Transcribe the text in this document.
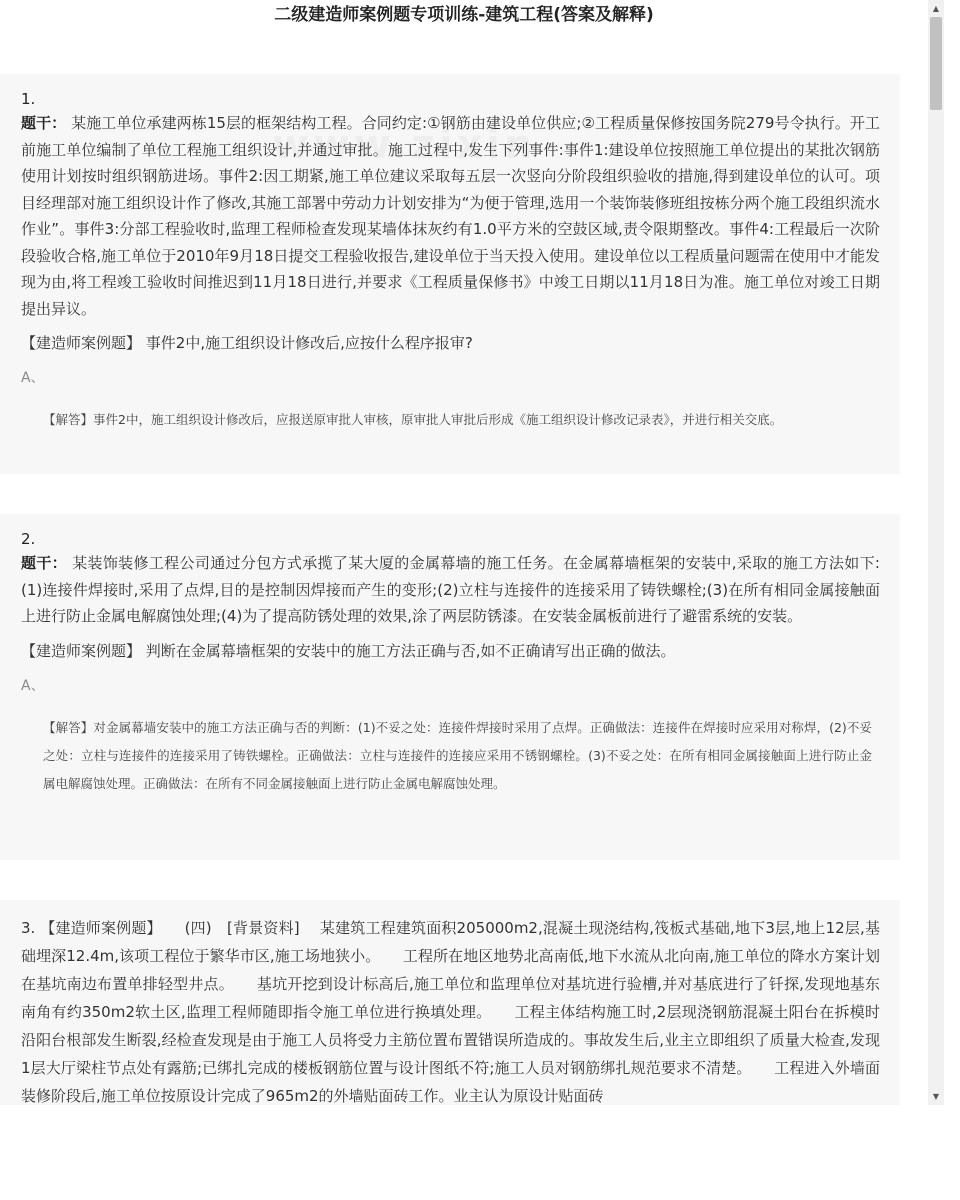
二级建造师案例题专项训练-建筑工程(答案及解释)
1.

题干： 某施工单位承建两栋15层的框架结构工程。合同约定:①钢筋由建设单位供应;②工程质量保修按国务院279号令执行。开工前施工单位编制了单位工程施工组织设计,并通过审批。施工过程中,发生下列事件:事件1:建设单位按照施工单位提出的某批次钢筋使用计划按时组织钢筋进场。事件2:因工期紧,施工单位建议采取每五层一次竖向分阶段组织验收的措施,得到建设单位的认可。项目经理部对施工组织设计作了修改,其施工部署中劳动力计划安排为“为便于管理,选用一个装饰装修班组按栋分两个施工段组织流水作业”。事件3:分部工程验收时,监理工程师检查发现某墙体抹灰约有1.0平方米的空鼓区域,责令限期整改。事件4:工程最后一次阶段验收合格,施工单位于2010年9月18日提交工程验收报告,建设单位于当天投入使用。建设单位以工程质量问题需在使用中才能发现为由,将工程竣工验收时间推迟到11月18日进行,并要求《工程质量保修书》中竣工日期以11月18日为准。施工单位对竣工日期提出异议。

【建造师案例题】 事件2中,施工组织设计修改后,应按什么程序报审?

A、

【解答】事件2中，施工组织设计修改后，应报送原审批人审核，原审批人审批后形成《施工组织设计修改记录表》，并进行相关交底。

2.

题干： 某装饰装修工程公司通过分包方式承揽了某大厦的金属幕墙的施工任务。在金属幕墙框架的安装中,采取的施工方法如下:(1)连接件焊接时,采用了点焊,目的是控制因焊接而产生的变形;(2)立柱与连接件的连接采用了铸铁螺栓;(3)在所有相同金属接触面上进行防止金属电解腐蚀处理;(4)为了提高防锈处理的效果,涂了两层防锈漆。在安装金属板前进行了避雷系统的安装。

【建造师案例题】 判断在金属幕墙框架的安装中的施工方法正确与否,如不正确请写出正确的做法。

A、

【解答】对金属幕墙安装中的施工方法正确与否的判断：(1)不妥之处：连接件焊接时采用了点焊。正确做法：连接件在焊接时应采用对称焊，(2)不妥之处：立柱与连接件的连接采用了铸铁螺栓。正确做法：立柱与连接件的连接应采用不锈钢螺栓。(3)不妥之处：在所有相同金属接触面上进行防止金属电解腐蚀处理。正确做法：在所有不同金属接触面上进行防止金属电解腐蚀处理。

3. 【建造师案例题】　　(四)　[背景资料]　 某建筑工程建筑面积205000m2,混凝土现浇结构,筏板式基础,地下3层,地上12层,基础埋深12.4m,该项工程位于繁华市区,施工场地狭小。　　工程所在地区地势北高南低,地下水流从北向南,施工单位的降水方案计划在基坑南边布置单排轻型井点。　　基坑开挖到设计标高后,施工单位和监理单位对基坑进行验槽,并对基底进行了钎探,发现地基东南角有约350m2软土区,监理工程师随即指令施工单位进行换填处理。　　工程主体结构施工时,2层现浇钢筋混凝土阳台在拆模时沿阳台根部发生断裂,经检查发现是由于施工人员将受力主筋位置布置错误所造成的。事故发生后,业主立即组织了质量大检查,发现1层大厅梁柱节点处有露筋;已绑扎完成的楼板钢筋位置与设计图纸不符;施工人员对钢筋绑扎规范要求不清楚。　　工程进入外墙面装修阶段后,施工单位按原设计完成了965m2的外墙贴面砖工作。业主认为原设计贴面砖

▲
▼
